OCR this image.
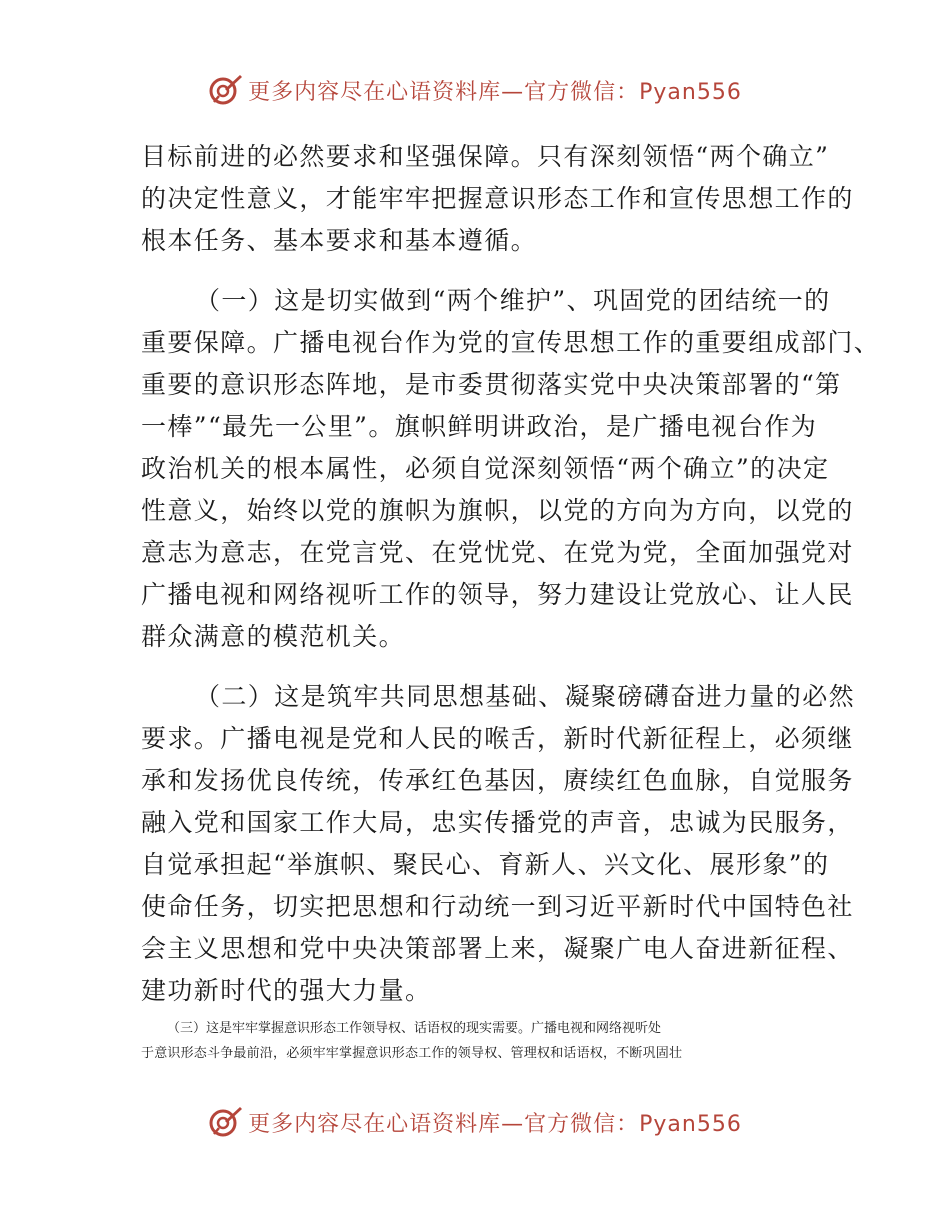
更多内容尽在心语资料库—官方微信：Pyan556
目标前进的必然要求和坚强保障。只有深刻领悟“两个确立”
的决定性意义，才能牢牢把握意识形态工作和宣传思想工作的
根本任务、基本要求和基本遵循。
（一）这是切实做到“两个维护”、巩固党的团结统一的
重要保障。广播电视台作为党的宣传思想工作的重要组成部门、
重要的意识形态阵地，是市委贯彻落实党中央决策部署的“第
一棒”“最先一公里”。旗帜鲜明讲政治，是广播电视台作为
政治机关的根本属性，必须自觉深刻领悟“两个确立”的决定
性意义，始终以党的旗帜为旗帜，以党的方向为方向，以党的
意志为意志，在党言党、在党忧党、在党为党，全面加强党对
广播电视和网络视听工作的领导，努力建设让党放心、让人民
群众满意的模范机关。
（二）这是筑牢共同思想基础、凝聚磅礴奋进力量的必然
要求。广播电视是党和人民的喉舌，新时代新征程上，必须继
承和发扬优良传统，传承红色基因，赓续红色血脉，自觉服务
融入党和国家工作大局，忠实传播党的声音，忠诚为民服务，
自觉承担起“举旗帜、聚民心、育新人、兴文化、展形象”的
使命任务，切实把思想和行动统一到习近平新时代中国特色社
会主义思想和党中央决策部署上来，凝聚广电人奋进新征程、
建功新时代的强大力量。
（三）这是牢牢掌握意识形态工作领导权、话语权的现实需要。广播电视和网络视听处
于意识形态斗争最前沿，必须牢牢掌握意识形态工作的领导权、管理权和话语权，不断巩固壮
更多内容尽在心语资料库—官方微信：Pyan556
